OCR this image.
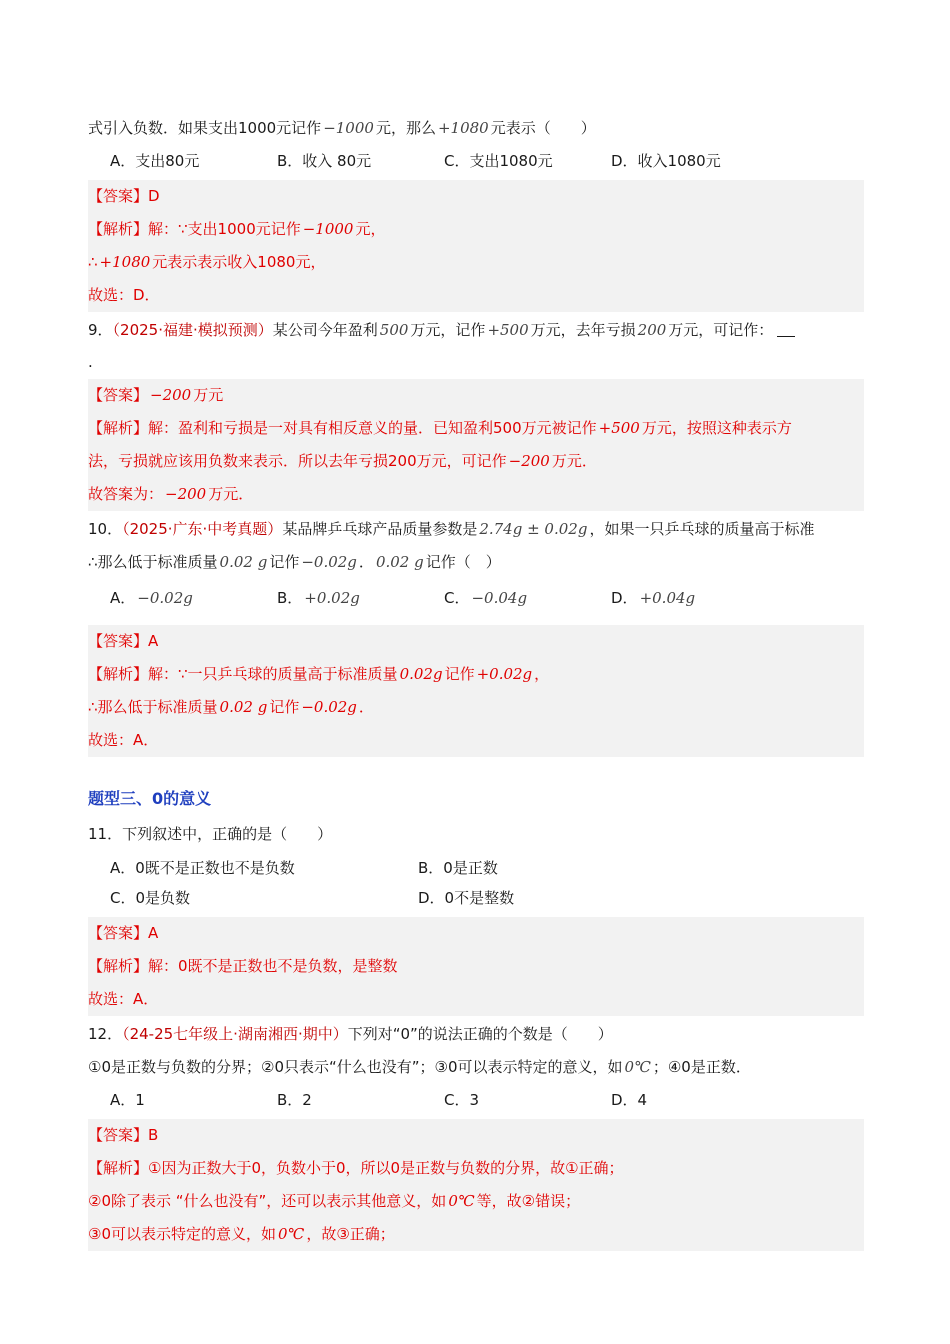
式引入负数．如果支出1000元记作 −1000 元，那么 +1080 元表示（　　）
A．支出80元	B．收入 80元	C．支出1080元	D．收入1080元
【答案】D
【解析】解：∵支出1000元记作 −1000 元，
∴ +1080 元表示表示收入1080元，
故选：D．
9．（2025·福建·模拟预测）某公司今年盈利 500 万元，记作 +500 万元，去年亏损 200 万元，可记作：
.
【答案】 −200 万元
【解析】解：盈利和亏损是一对具有相反意义的量．已知盈利500万元被记作 +500 万元，按照这种表示方
法，亏损就应该用负数来表示．所以去年亏损200万元，可记作 −200 万元．
故答案为： −200 万元．
10．（2025·广东·中考真题）某品牌乒乓球产品质量参数是 2.74g ± 0.02g ，如果一只乒乓球的质量高于标准
∴那么低于标准质量 0.02 g 记作 −0.02g ． 0.02 g 记作（　）
A． −0.02g	B． +0.02g	C． −0.04g	D． +0.04g
【答案】A
【解析】解：∵一只乒乓球的质量高于标准质量 0.02g 记作 +0.02g ，
∴那么低于标准质量 0.02 g 记作 −0.02g ．
故选：A．
题型三、0的意义
11．下列叙述中，正确的是（　　）
A．0既不是正数也不是负数	B．0是正数
C．0是负数	D．0不是整数
【答案】A
【解析】解：0既不是正数也不是负数，是整数
故选：A．
12．（24-25七年级上·湖南湘西·期中）下列对“0”的说法正确的个数是（　　）
①0是正数与负数的分界；②0只表示“什么也没有”；③0可以表示特定的意义，如 0℃ ；④0是正数．
A．1	B．2	C．3	D．4
【答案】B
【解析】①因为正数大于0，负数小于0，所以0是正数与负数的分界，故①正确；
②0除了表示 “什么也没有”，还可以表示其他意义，如 0℃ 等，故②错误；
③0可以表示特定的意义，如 0℃ ，故③正确；
